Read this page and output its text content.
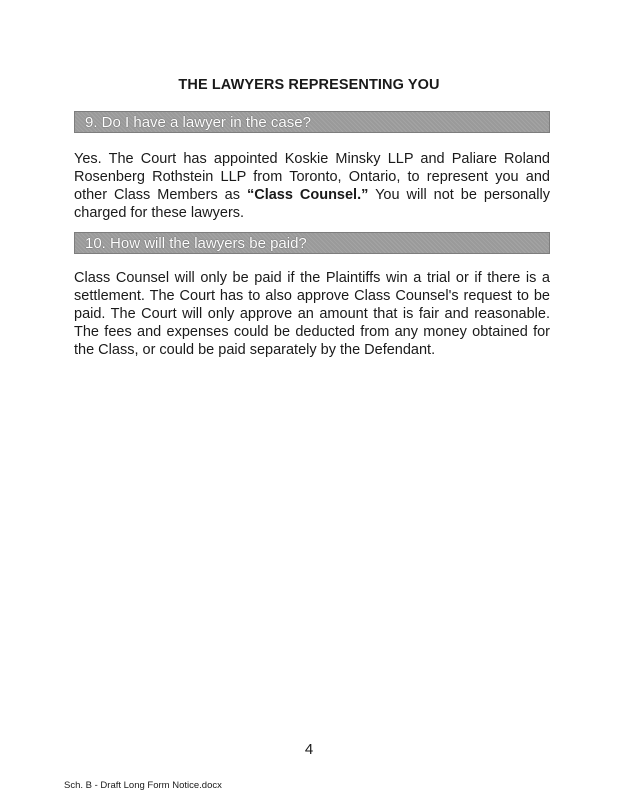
THE LAWYERS REPRESENTING YOU
9. Do I have a lawyer in the case?
Yes. The Court has appointed Koskie Minsky LLP and Paliare Roland Rosenberg Rothstein LLP from Toronto, Ontario, to represent you and other Class Members as “Class Counsel.” You will not be personally charged for these lawyers.
10. How will the lawyers be paid?
Class Counsel will only be paid if the Plaintiffs win a trial or if there is a settlement. The Court has to also approve Class Counsel's request to be paid. The Court will only approve an amount that is fair and reasonable. The fees and expenses could be deducted from any money obtained for the Class, or could be paid separately by the Defendant.
4
Sch. B - Draft Long Form Notice.docx
